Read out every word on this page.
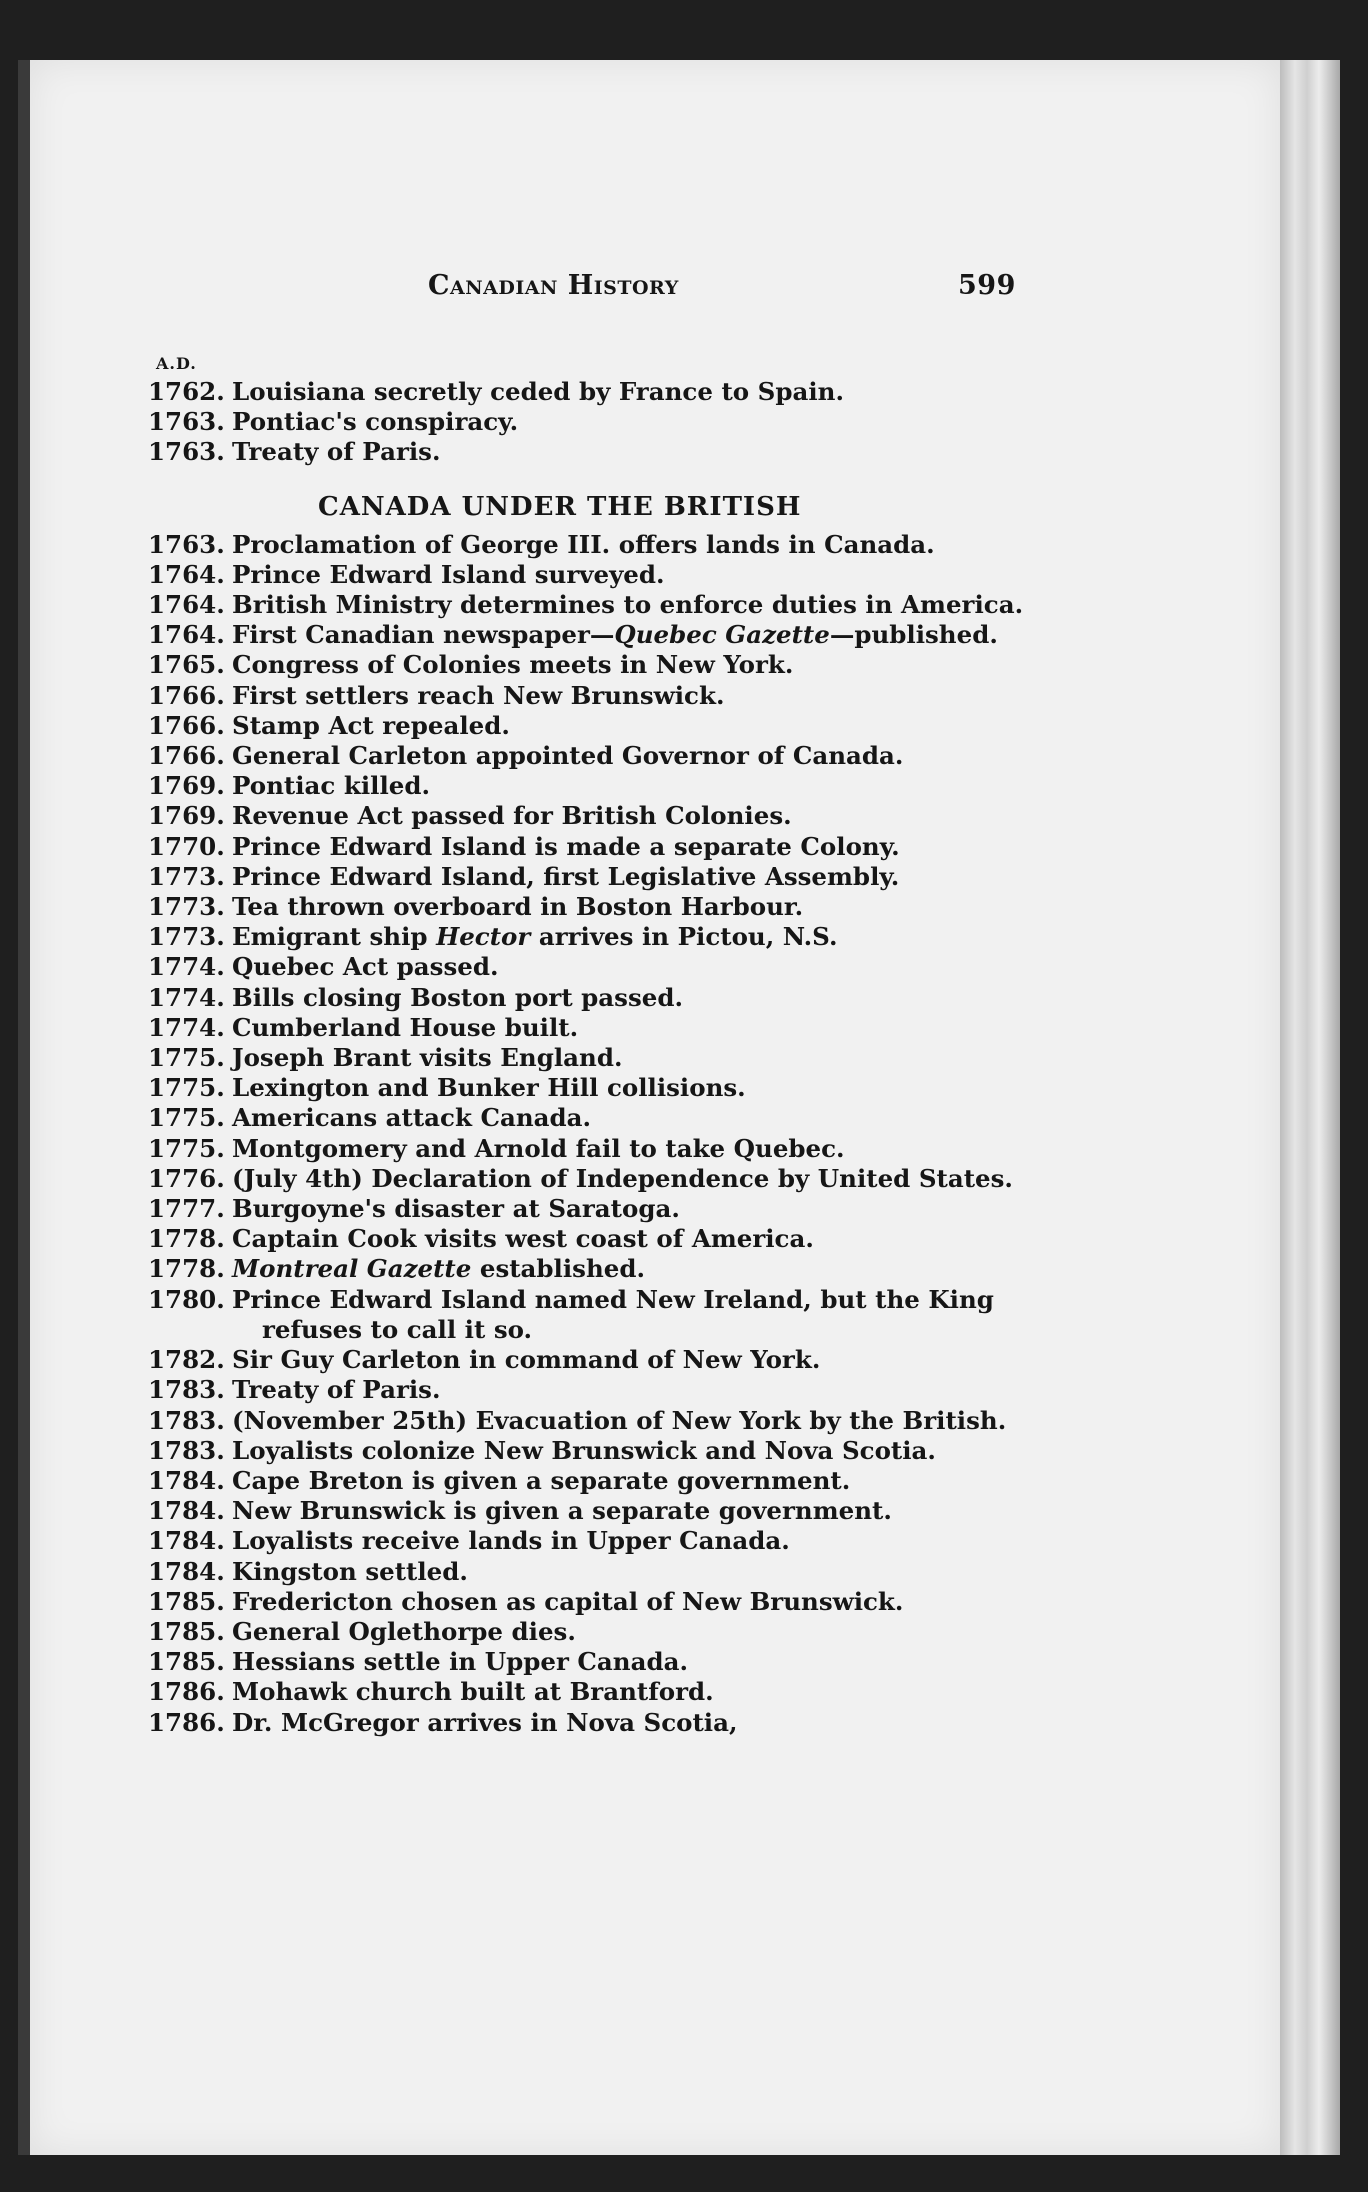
Canadian History	599
A.D.
1762. Louisiana secretly ceded by France to Spain.
1763. Pontiac's conspiracy.
1763. Treaty of Paris.
CANADA UNDER THE BRITISH
1763. Proclamation of George III. offers lands in Canada.
1764. Prince Edward Island surveyed.
1764. British Ministry determines to enforce duties in America.
1764. First Canadian newspaper—Quebec Gazette—published.
1765. Congress of Colonies meets in New York.
1766. First settlers reach New Brunswick.
1766. Stamp Act repealed.
1766. General Carleton appointed Governor of Canada.
1769. Pontiac killed.
1769. Revenue Act passed for British Colonies.
1770. Prince Edward Island is made a separate Colony.
1773. Prince Edward Island, first Legislative Assembly.
1773. Tea thrown overboard in Boston Harbour.
1773. Emigrant ship Hector arrives in Pictou, N.S.
1774. Quebec Act passed.
1774. Bills closing Boston port passed.
1774. Cumberland House built.
1775. Joseph Brant visits England.
1775. Lexington and Bunker Hill collisions.
1775. Americans attack Canada.
1775. Montgomery and Arnold fail to take Quebec.
1776. (July 4th) Declaration of Independence by United States.
1777. Burgoyne's disaster at Saratoga.
1778. Captain Cook visits west coast of America.
1778. Montreal Gazette established.
1780. Prince Edward Island named New Ireland, but the King
refuses to call it so.
1782. Sir Guy Carleton in command of New York.
1783. Treaty of Paris.
1783. (November 25th) Evacuation of New York by the British.
1783. Loyalists colonize New Brunswick and Nova Scotia.
1784. Cape Breton is given a separate government.
1784. New Brunswick is given a separate government.
1784. Loyalists receive lands in Upper Canada.
1784. Kingston settled.
1785. Fredericton chosen as capital of New Brunswick.
1785. General Oglethorpe dies.
1785. Hessians settle in Upper Canada.
1786. Mohawk church built at Brantford.
1786. Dr. McGregor arrives in Nova Scotia,
